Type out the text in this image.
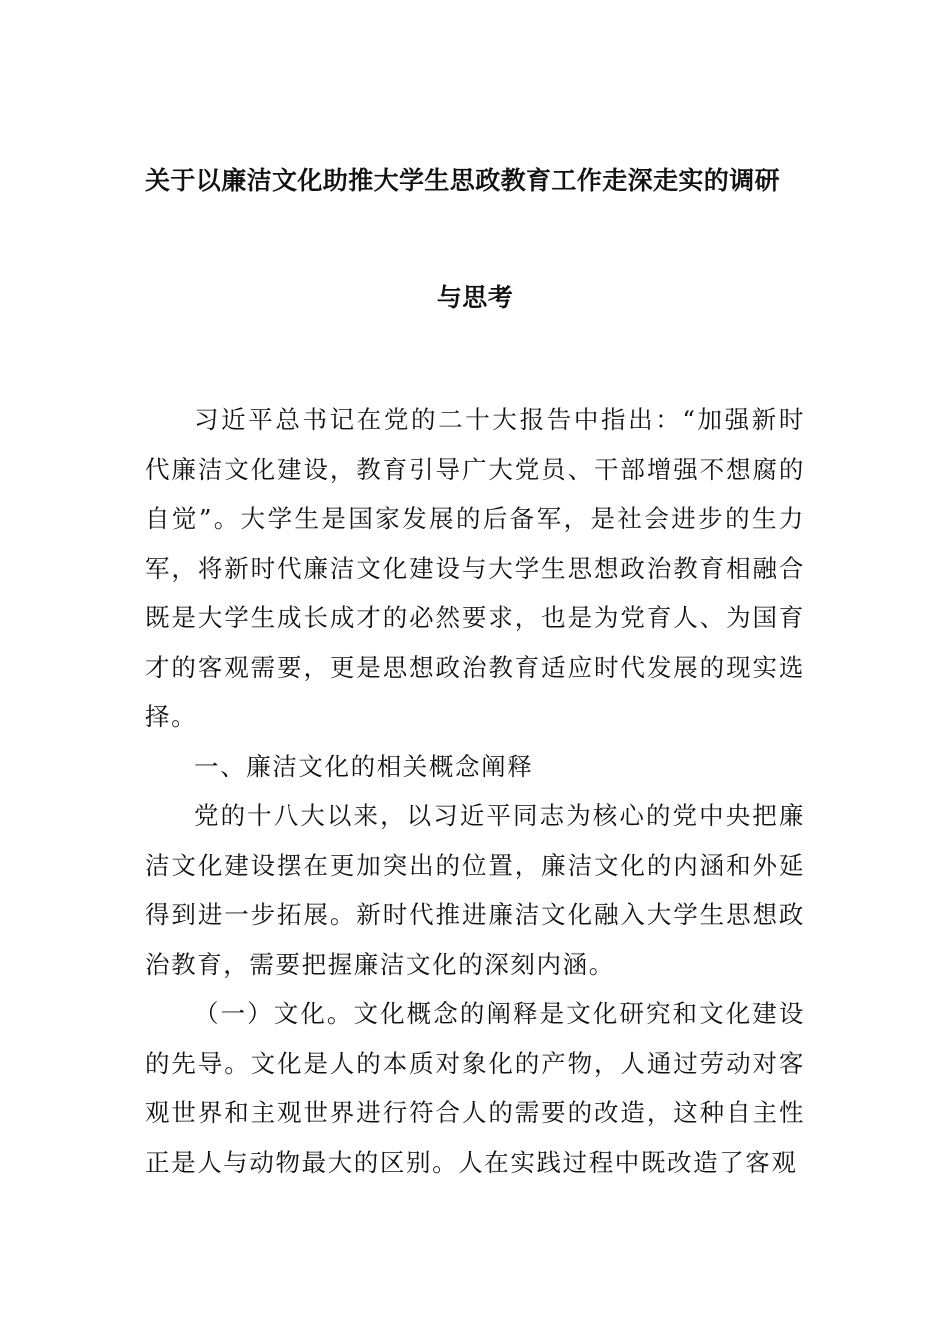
关于以廉洁文化助推大学生思政教育工作走深走实的调研
与思考

习近平总书记在党的二十大报告中指出：“加强新时代廉洁文化建设，教育引导广大党员、干部增强不想腐的自觉”。大学生是国家发展的后备军，是社会进步的生力军，将新时代廉洁文化建设与大学生思想政治教育相融合既是大学生成长成才的必然要求，也是为党育人、为国育才的客观需要，更是思想政治教育适应时代发展的现实选择。

一、廉洁文化的相关概念阐释

党的十八大以来，以习近平同志为核心的党中央把廉洁文化建设摆在更加突出的位置，廉洁文化的内涵和外延得到进一步拓展。新时代推进廉洁文化融入大学生思想政治教育，需要把握廉洁文化的深刻内涵。

（一）文化。文化概念的阐释是文化研究和文化建设的先导。文化是人的本质对象化的产物，人通过劳动对客观世界和主观世界进行符合人的需要的改造，这种自主性正是人与动物最大的区别。人在实践过程中既改造了客观
